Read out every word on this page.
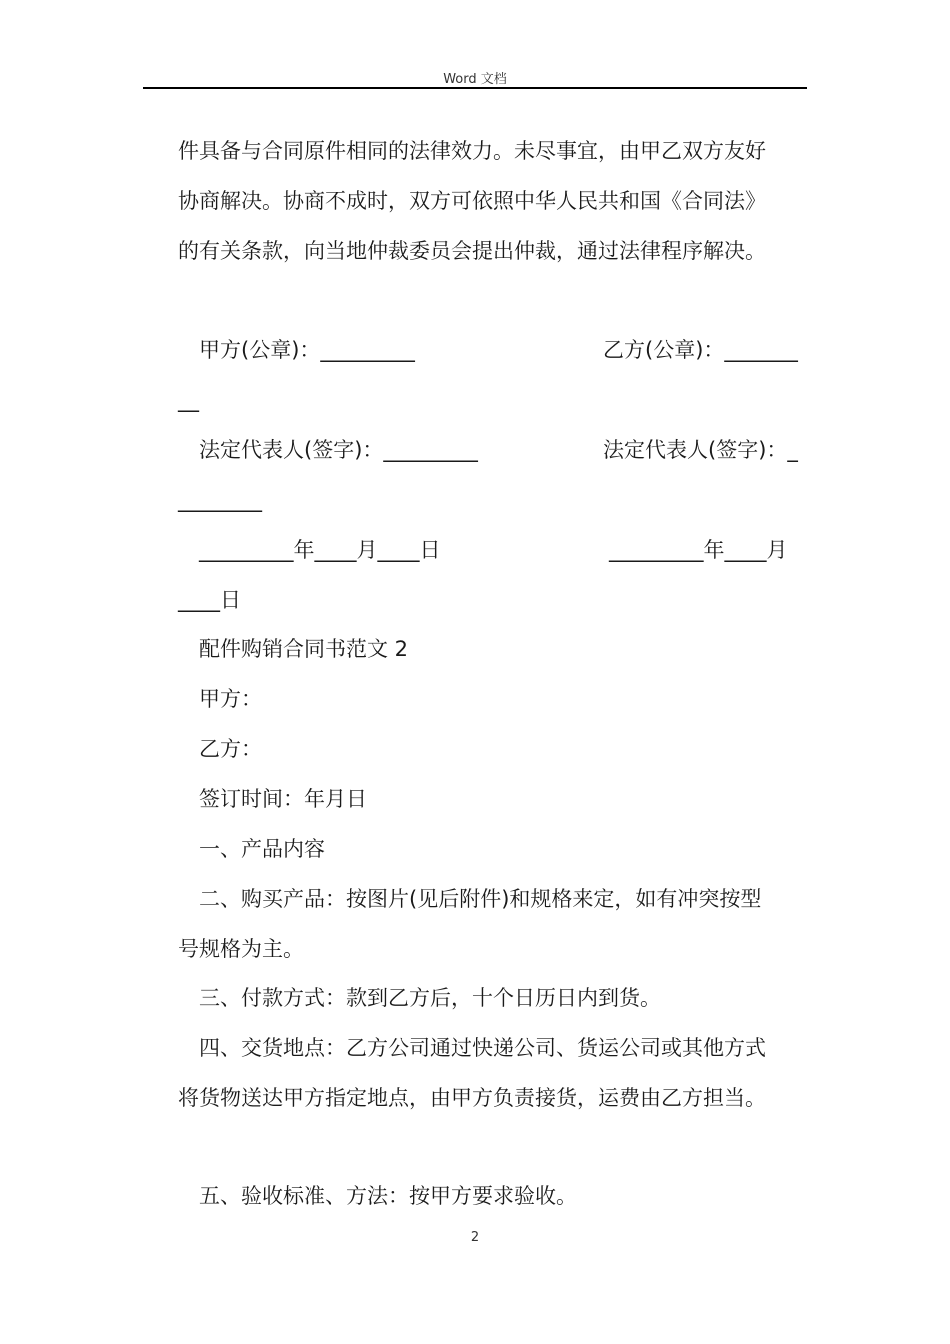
Word 文档
件具备与合同原件相同的法律效力。未尽事宜，由甲乙双方友好
协商解决。协商不成时，双方可依照中华人民共和国《合同法》
的有关条款，向当地仲裁委员会提出仲裁，通过法律程序解决。
甲方(公章)：_________	乙方(公章)：_______
__
法定代表人(签字)：_________	法定代表人(签字)：_
________
_________年____月____日	_________年____月
____日
配件购销合同书范文 2
甲方：
乙方：
签订时间：年月日
一、产品内容
二、购买产品：按图片(见后附件)和规格来定，如有冲突按型
号规格为主。
三、付款方式：款到乙方后，十个日历日内到货。
四、交货地点：乙方公司通过快递公司、货运公司或其他方式
将货物送达甲方指定地点，由甲方负责接货，运费由乙方担当。
五、验收标准、方法：按甲方要求验收。
2
